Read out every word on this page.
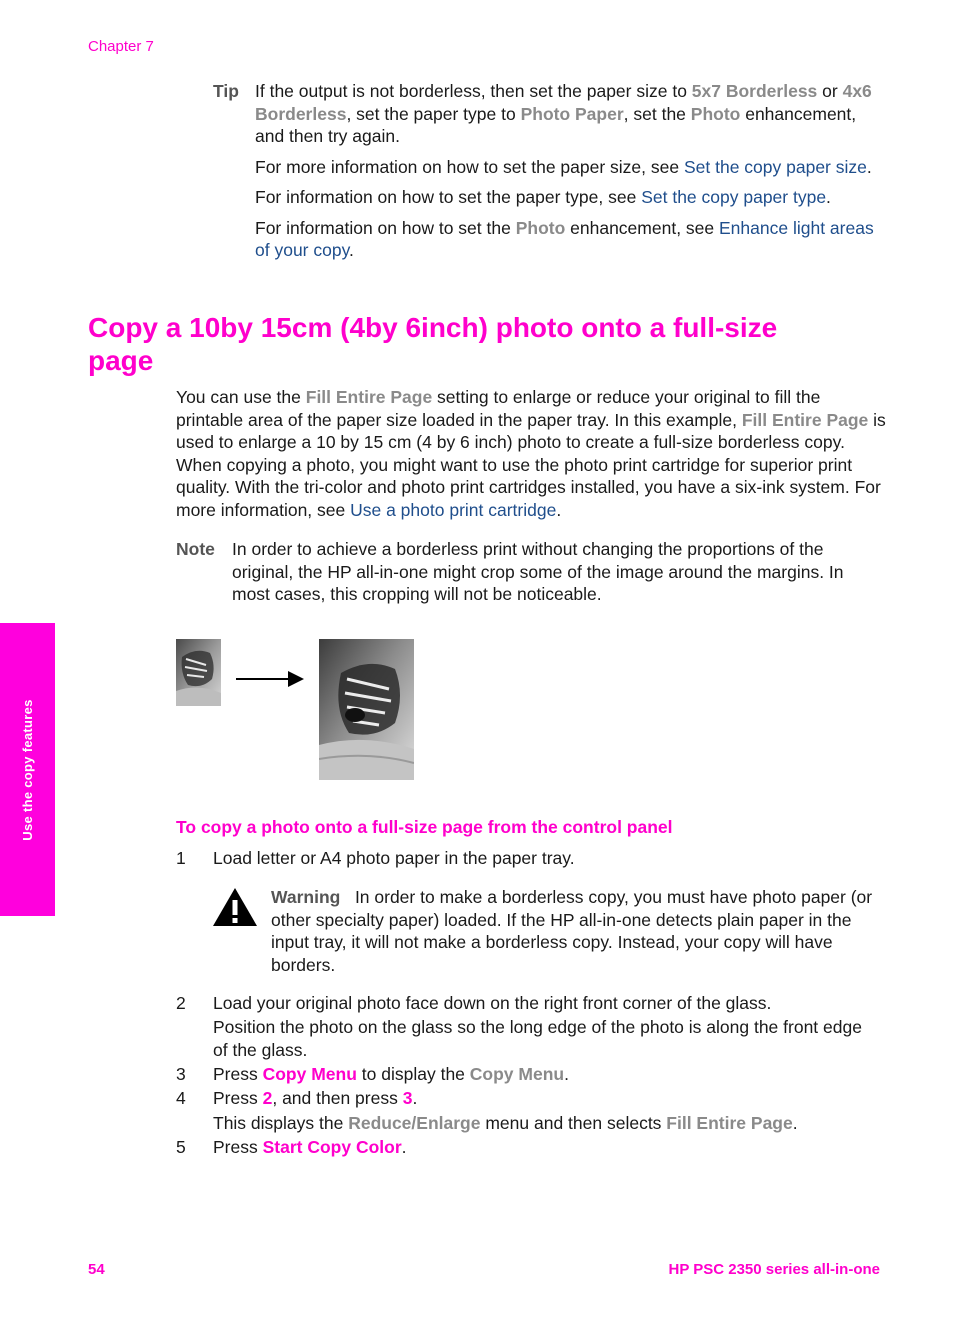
Chapter 7
Tip If the output is not borderless, then set the paper size to 5x7 Borderless or 4x6 Borderless, set the paper type to Photo Paper, set the Photo enhancement, and then try again.

For more information on how to set the paper size, see Set the copy paper size.

For information on how to set the paper type, see Set the copy paper type.

For information on how to set the Photo enhancement, see Enhance light areas of your copy.

Copy a 10by 15cm (4by 6inch) photo onto a full-size page

You can use the Fill Entire Page setting to enlarge or reduce your original to fill the printable area of the paper size loaded in the paper tray. In this example, Fill Entire Page is used to enlarge a 10 by 15 cm (4 by 6 inch) photo to create a full-size borderless copy. When copying a photo, you might want to use the photo print cartridge for superior print quality. With the tri-color and photo print cartridges installed, you have a six-ink system. For more information, see Use a photo print cartridge.

Note In order to achieve a borderless print without changing the proportions of the original, the HP all-in-one might crop some of the image around the margins. In most cases, this cropping will not be noticeable.

Use the copy features	To copy a photo onto a full-size page from the control panel
1 Load letter or A4 photo paper in the paper tray.

Warning In order to make a borderless copy, you must have photo paper (or other specialty paper) loaded. If the HP all-in-one detects plain paper in the input tray, it will not make a borderless copy. Instead, your copy will have borders.

2 Load your original photo face down on the right front corner of the glass.
Position the photo on the glass so the long edge of the photo is along the front edge of the glass.
3 Press Copy Menu to display the Copy Menu.
4 Press 2, and then press 3.
This displays the Reduce/Enlarge menu and then selects Fill Entire Page.
5 Press Start Copy Color.
54	HP PSC 2350 series all-in-one
